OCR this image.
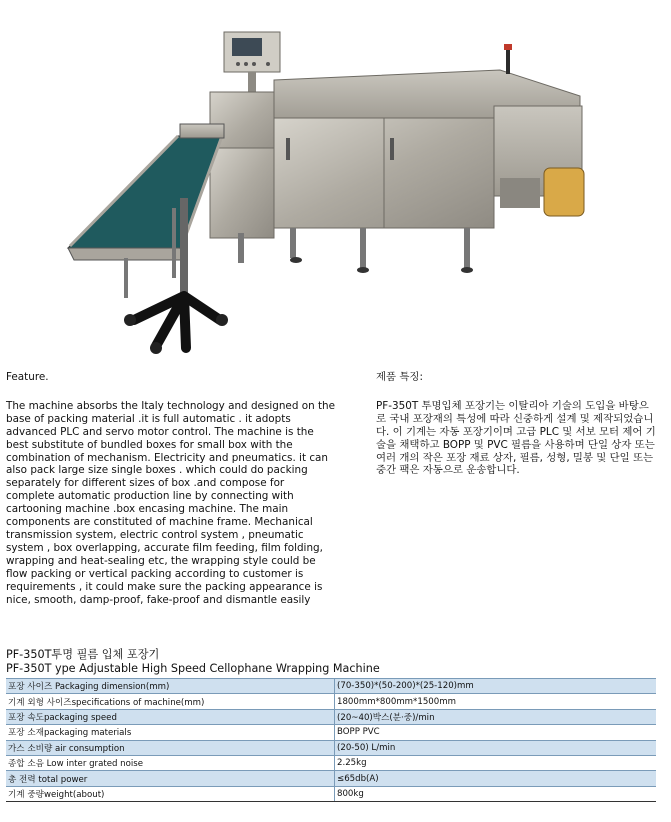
Feature.

The machine absorbs the Italy technology and designed on the base of packing material .it is full automatic . it adopts advanced PLC and servo motor control. The machine is the best substitute of bundled boxes for small box with the combination of mechanism. Electricity and pneumatics. it can also pack large size single boxes . which could do packing separately for different sizes of box .and compose for complete automatic production line by connecting with cartooning machine .box encasing machine. The main components are constituted of machine frame. Mechanical transmission system, electric control system , pneumatic system , box overlapping, accurate film feeding, film folding, wrapping and heat-sealing etc, the wrapping style could be flow packing or vertical packing according to customer is requirements , it could make sure the packing appearance is nice, smooth, damp-proof, fake-proof and dismantle easily

제품 특징:

PF-350T 투명입체 포장기는 이탈리아 기술의 도입을 바탕으로 국내 포장재의 특성에 따라 신중하게 설계 및 제작되었습니다. 이 기계는 자동 포장기이며 고급 PLC 및 서보 모터 제어 기술을 채택하고 BOPP 및 PVC 필름을 사용하며 단일 상자 또는 여러 개의 작은 포장 재료 상자, 필름, 성형, 밀봉 및 단일 또는 중간 팩은 자동으로 운송합니다.

PF-350T투명 필름 입체 포장기
PF-350T ype Adjustable High Speed Cellophane Wrapping Machine
포장 사이즈 Packaging dimension(mm)	(70-350)*(50-200)*(25-120)mm
기계 외형 사이즈specifications of machine(mm)	1800mm*800mm*1500mm
포장 속도packaging speed	(20~40)박스(분·중)/min
포장 소재packaging materials	BOPP PVC
가스 소비량 air consumption	(20-50) L/min
종합 소음 Low inter grated noise	2.25kg
총 전력 total power	≤65db(A)
기계 중량weight(about)	800kg
